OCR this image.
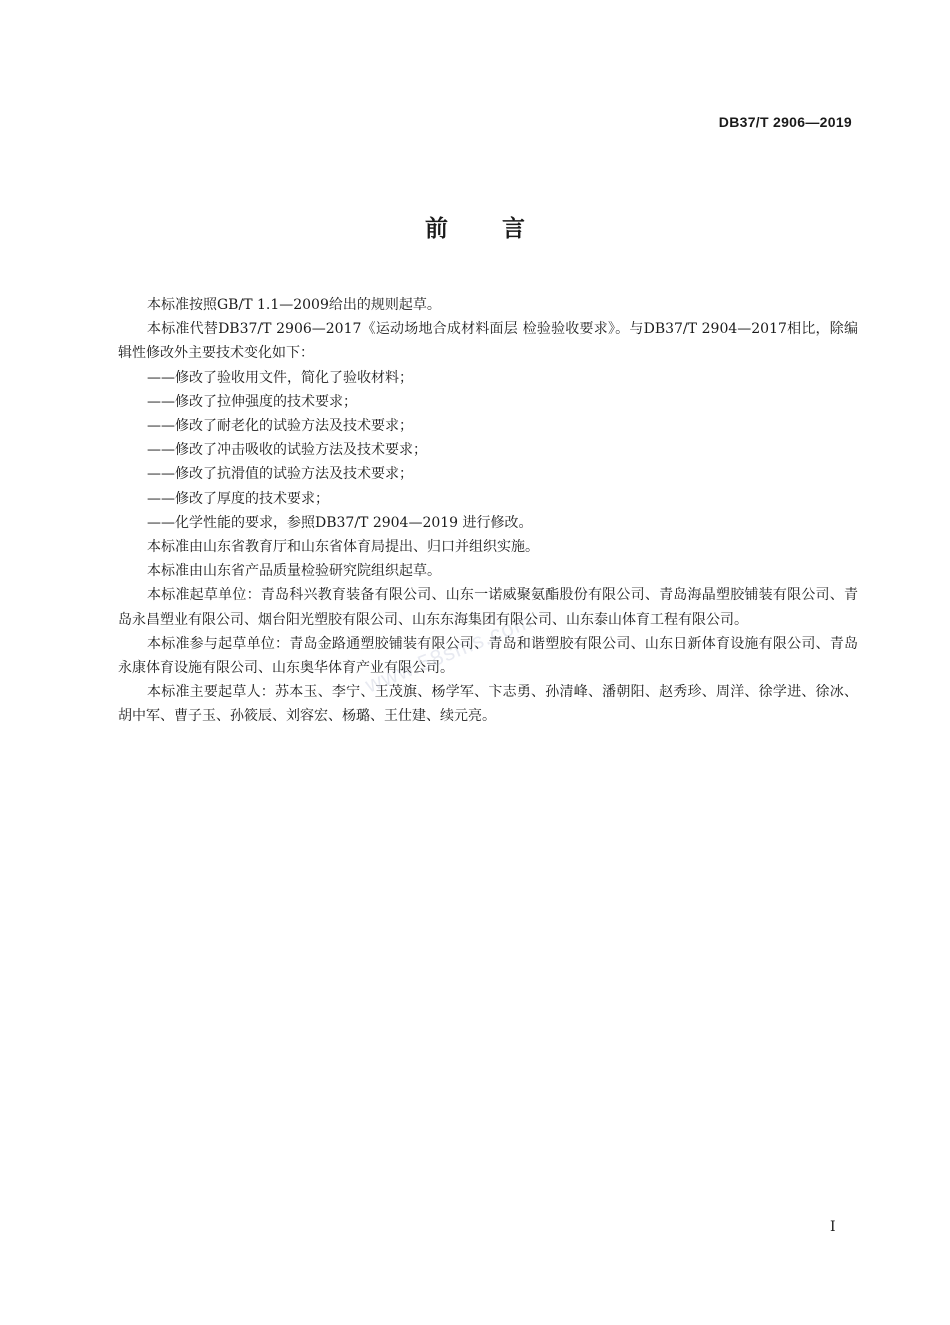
DB37/T 2906—2019
前言

本标准按照GB/T 1.1—2009给出的规则起草。

本标准代替DB37/T 2906—2017《运动场地合成材料面层 检验验收要求》。与DB37/T 2904—2017相比，除编辑性修改外主要技术变化如下：

——修改了验收用文件，简化了验收材料；

——修改了拉伸强度的技术要求；

——修改了耐老化的试验方法及技术要求；

——修改了冲击吸收的试验方法及技术要求；

——修改了抗滑值的试验方法及技术要求；

——修改了厚度的技术要求；

——化学性能的要求，参照DB37/T 2904—2019 进行修改。

本标准由山东省教育厅和山东省体育局提出、归口并组织实施。

本标准由山东省产品质量检验研究院组织起草。

本标准起草单位：青岛科兴教育装备有限公司、山东一诺威聚氨酯股份有限公司、青岛海晶塑胶铺装有限公司、青岛永昌塑业有限公司、烟台阳光塑胶有限公司、山东东海集团有限公司、山东泰山体育工程有限公司。

本标准参与起草单位：青岛金路通塑胶铺装有限公司、青岛和谐塑胶有限公司、山东日新体育设施有限公司、青岛永康体育设施有限公司、山东奥华体育产业有限公司。

本标准主要起草人：苏本玉、李宁、王茂旗、杨学军、卞志勇、孙清峰、潘朝阳、赵秀珍、周洋、徐学进、徐冰、胡中军、曹子玉、孙筱辰、刘容宏、杨璐、王仕建、续元亮。

www.58sms.com
I
